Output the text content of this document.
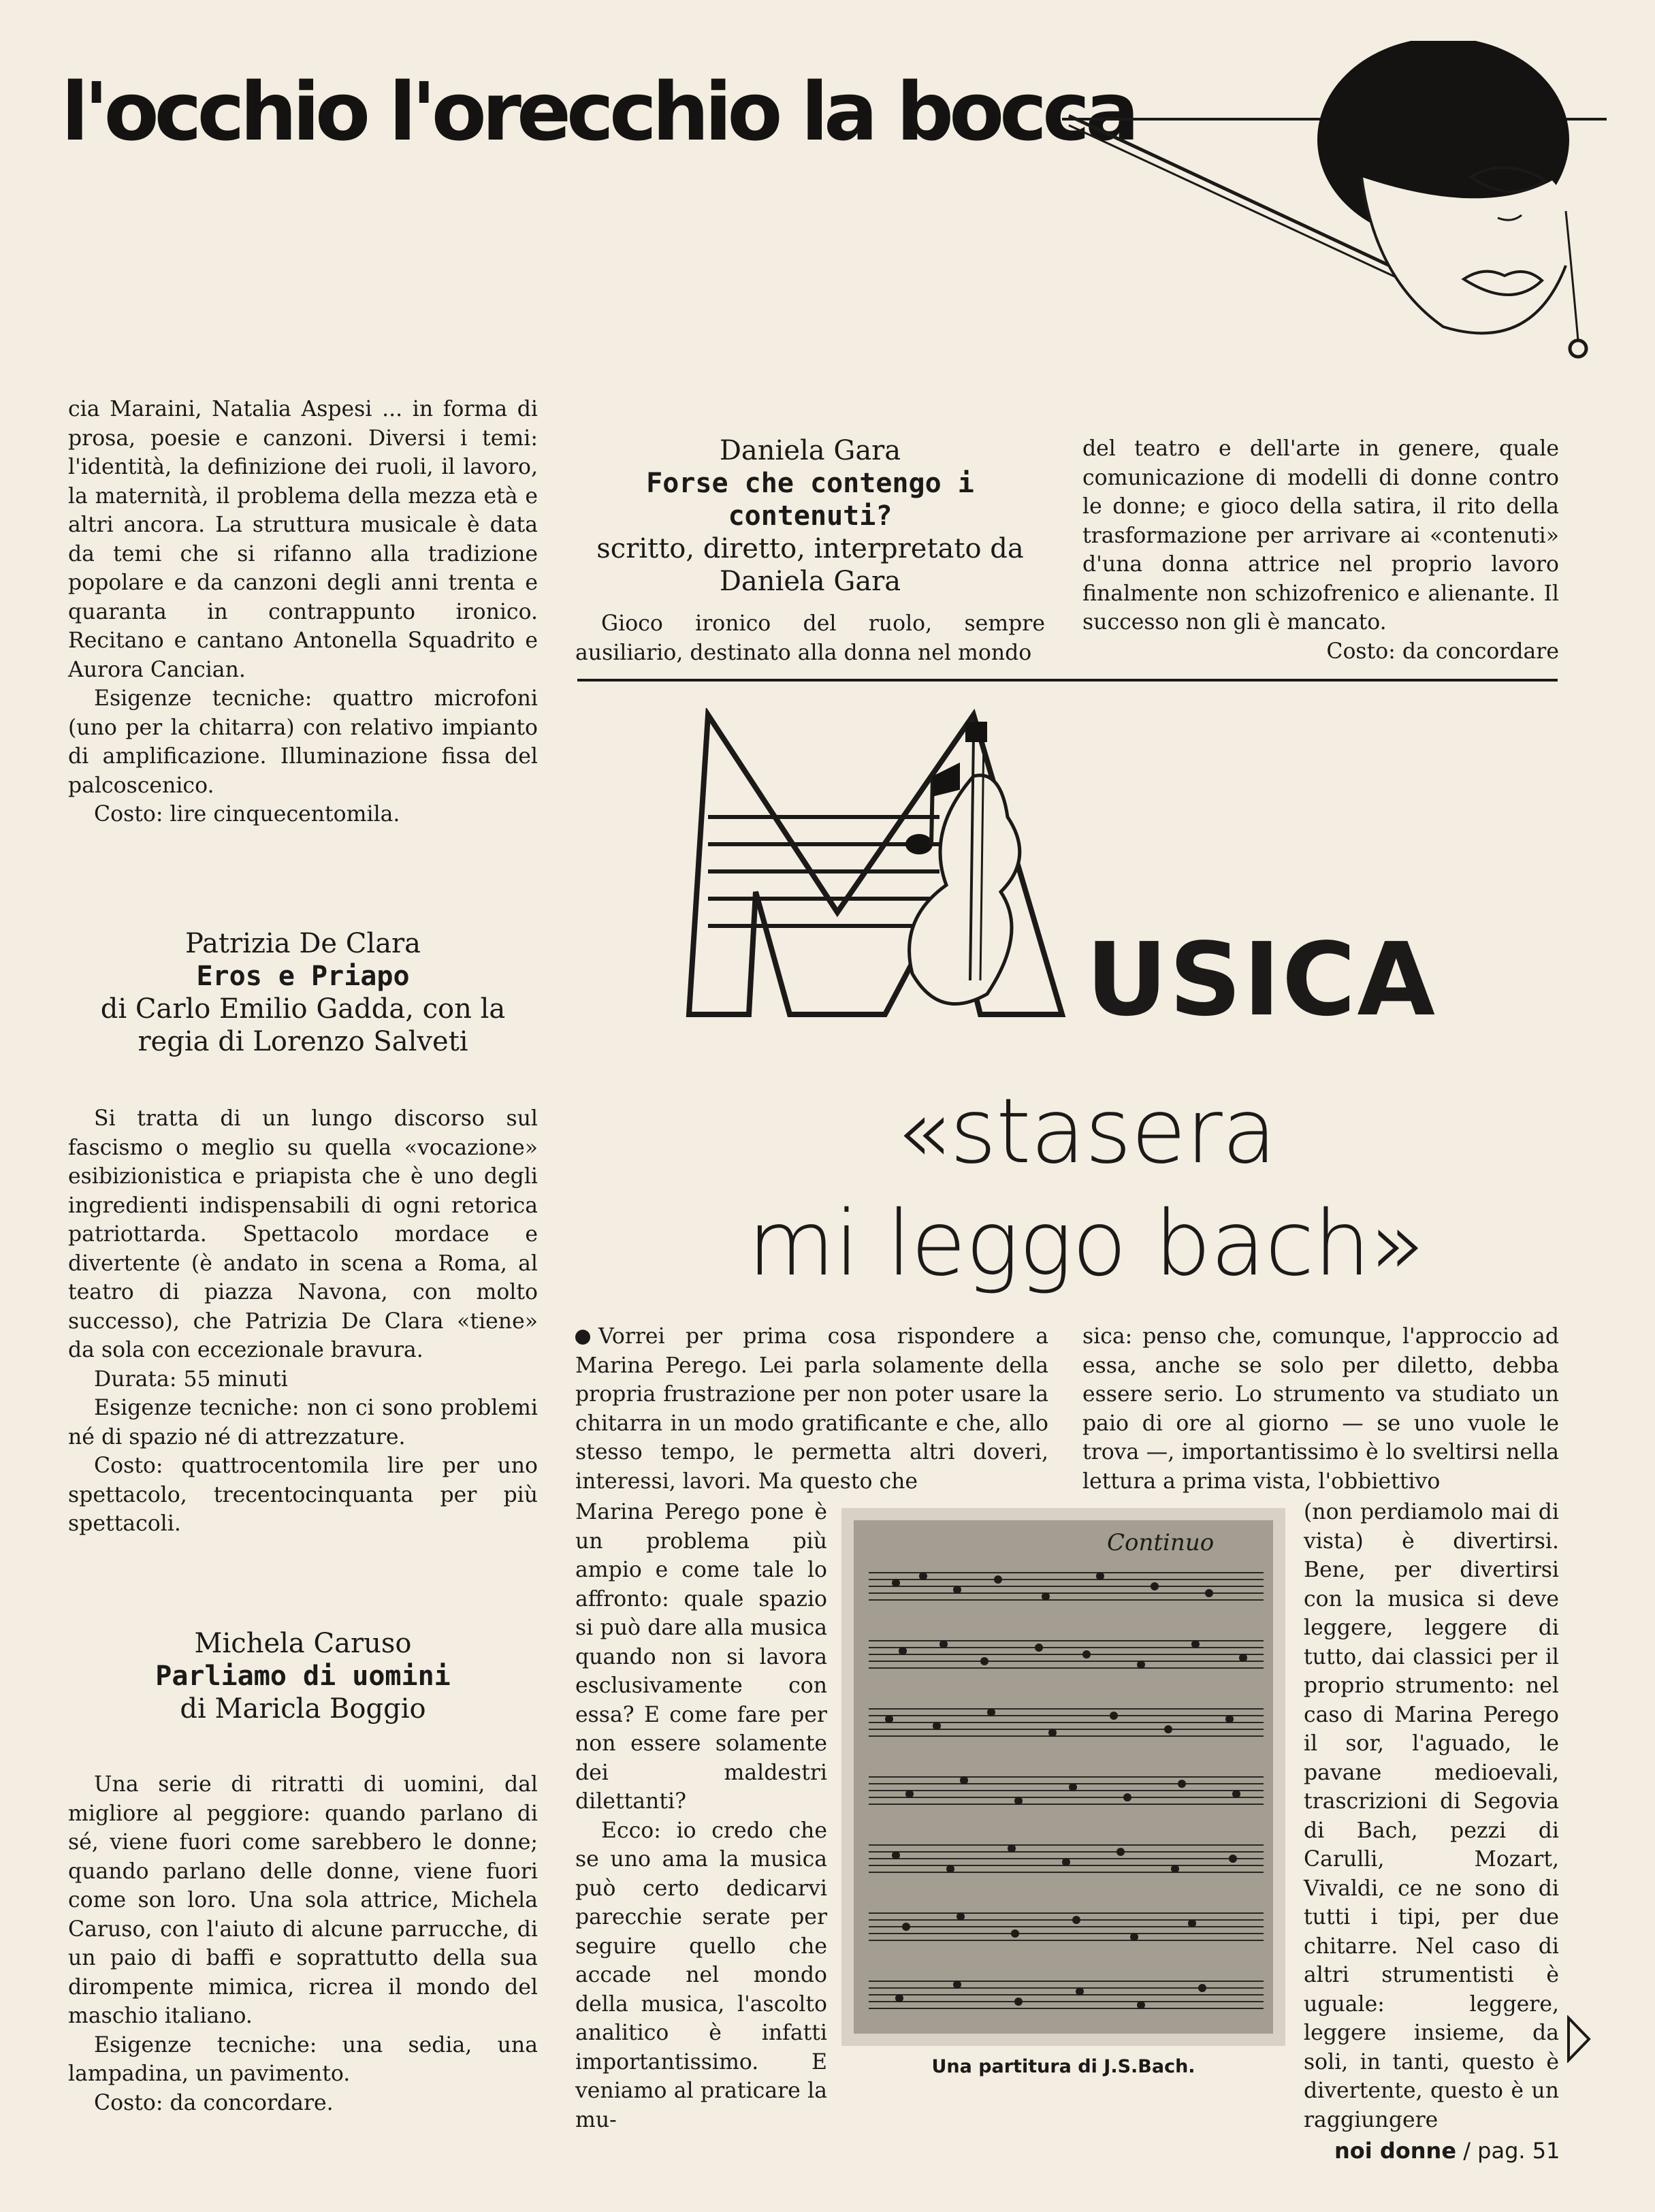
l'occhio l'orecchio la bocca

cia Maraini, Natalia Aspesi ... in forma di prosa, poesie e canzoni. Diversi i temi: l'identità, la definizione dei ruoli, il lavoro, la maternità, il problema della mezza età e altri ancora. La struttura musicale è data da temi che si rifanno alla tradizione popolare e da canzoni degli anni trenta e quaranta in contrappunto ironico. Recitano e cantano Antonella Squadrito e Aurora Cancian.

Esigenze tecniche: quattro microfoni (uno per la chitarra) con relativo impianto di amplificazione. Illuminazione fissa del palcoscenico.

Costo: lire cinquecentomila.

Daniela Gara
Forse che contengo i contenuti?
scritto, diretto, interpretato da Daniela Gara

Gioco ironico del ruolo, sempre ausiliario, destinato alla donna nel mondo

del teatro e dell'arte in genere, quale comunicazione di modelli di donne contro le donne; e gioco della satira, il rito della trasformazione per arrivare ai «contenuti» d'una donna attrice nel proprio lavoro finalmente non schizofrenico e alienante. Il successo non gli è mancato.

Costo: da concordare

Patrizia De Clara
Eros e Priapo
di Carlo Emilio Gadda, con la regia di Lorenzo Salveti

Si tratta di un lungo discorso sul fascismo o meglio su quella «vocazione» esibizionistica e priapista che è uno degli ingredienti indispensabili di ogni retorica patriottarda. Spettacolo mordace e divertente (è andato in scena a Roma, al teatro di piazza Navona, con molto successo), che Patrizia De Clara «tiene» da sola con eccezionale bravura.

Durata: 55 minuti

Esigenze tecniche: non ci sono problemi né di spazio né di attrezzature.

Costo: quattrocentomila lire per uno spettacolo, trecentocinquanta per più spettacoli.

Michela Caruso
Parliamo di uomini
di Maricla Boggio

Una serie di ritratti di uomini, dal migliore al peggiore: quando parlano di sé, viene fuori come sarebbero le donne; quando parlano delle donne, viene fuori come son loro. Una sola attrice, Michela Caruso, con l'aiuto di alcune parrucche, di un paio di baffi e soprattutto della sua dirompente mimica, ricrea il mondo del maschio italiano.

Esigenze tecniche: una sedia, una lampadina, un pavimento.

Costo: da concordare.

USICA
«stasera
mi leggo bach»

Vorrei per prima cosa rispondere a Marina Perego. Lei parla solamente della propria frustrazione per non poter usare la chitarra in un modo gratificante e che, allo stesso tempo, le permetta altri doveri, interessi, lavori. Ma questo che

Marina Perego pone è un problema più ampio e come tale lo affronto: quale spazio si può dare alla musica quando non si lavora esclusivamente con essa? E come fare per non essere solamente dei maldestri dilettanti?

Ecco: io credo che se uno ama la musica può certo dedicarvi parecchie serate per seguire quello che accade nel mondo della musica, l'ascolto analitico è infatti importantissimo. E veniamo al praticare la mu-

sica: penso che, comunque, l'approccio ad essa, anche se solo per diletto, debba essere serio. Lo strumento va studiato un paio di ore al giorno — se uno vuole le trova —, importantissimo è lo sveltirsi nella lettura a prima vista, l'obbiettivo

(non perdiamolo mai di vista) è divertirsi. Bene, per divertirsi con la musica si deve leggere, leggere di tutto, dai classici per il proprio strumento: nel caso di Marina Perego il sor, l'aguado, le pavane medioevali, trascrizioni di Segovia di Bach, pezzi di Carulli, Mozart, Vivaldi, ce ne sono di tutti i tipi, per due chitarre. Nel caso di altri strumentisti è uguale: leggere, leggere insieme, da soli, in tanti, questo è divertente, questo è un raggiungere

Continuo
Una partitura di J.S.Bach.
noi donne / pag. 51
